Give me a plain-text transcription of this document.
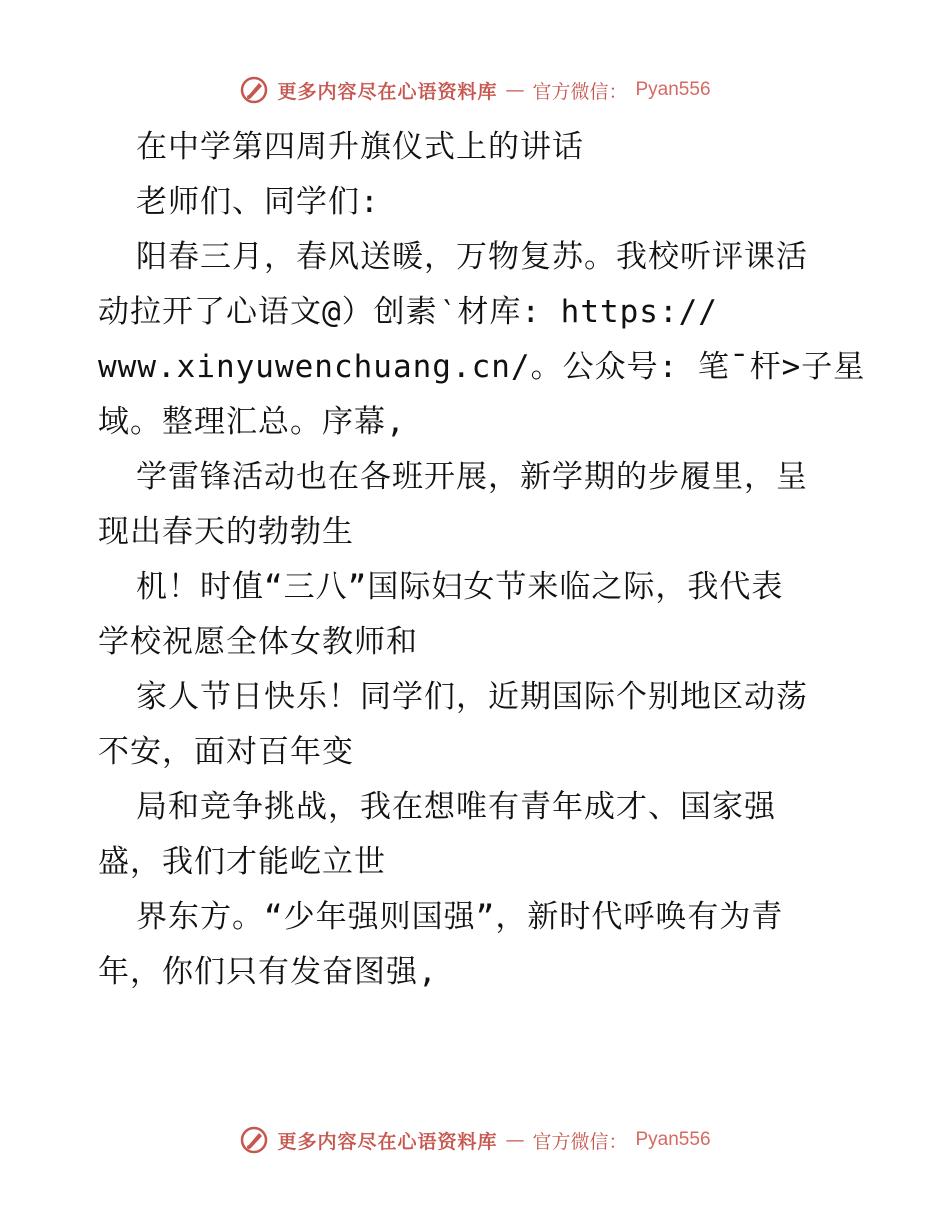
更多内容尽在心语资料库 — 官方微信： Pyan556
在中学第四周升旗仪式上的讲话
老师们、同学们:
阳春三月，春风送暖，万物复苏。我校听评课活
动拉开了心语文@）创素‵材库: https://
www.xinyuwenchuang.cn/。公众号: 笔¯杆>子星
域。整理汇总。序幕,
学雷锋活动也在各班开展，新学期的步履里，呈
现出春天的勃勃生
机！时值“三八”国际妇女节来临之际，我代表
学校祝愿全体女教师和
家人节日快乐！同学们，近期国际个别地区动荡
不安，面对百年变
局和竞争挑战，我在想唯有青年成才、国家强
盛，我们才能屹立世
界东方。“少年强则国强”，新时代呼唤有为青
年，你们只有发奋图强,
更多内容尽在心语资料库 — 官方微信： Pyan556
